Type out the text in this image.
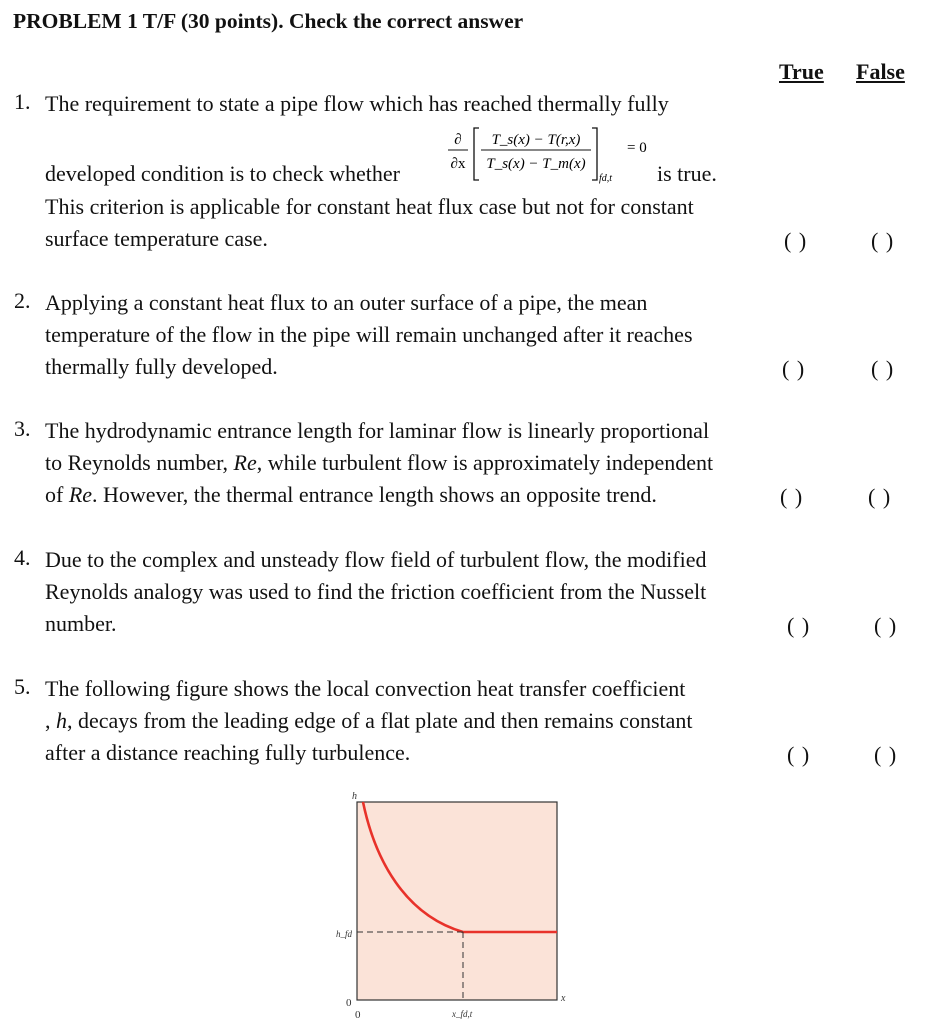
PROBLEM 1 T/F (30 points). Check the correct answer
True False
1. The requirement to state a pipe flow which has reached thermally fully
developed condition is to check whether
∂
∂x
T_s(x) − T(r,x)
T_s(x) − T_m(x)
fd,t
= 0
is true.
This criterion is applicable for constant heat flux case but not for constant
surface temperature case.	( )	( )
2. Applying a constant heat flux to an outer surface of a pipe, the mean
temperature of the flow in the pipe will remain unchanged after it reaches
thermally fully developed.	( )	( )
3. The hydrodynamic entrance length for laminar flow is linearly proportional
to Reynolds number, Re, while turbulent flow is approximately independent
of Re. However, the thermal entrance length shows an opposite trend.	( )	( )
4. Due to the complex and unsteady flow field of turbulent flow, the modified
Reynolds analogy was used to find the friction coefficient from the Nusselt
number.	( )	( )
5. The following figure shows the local convection heat transfer coefficient
, h, decays from the leading edge of a flat plate and then remains constant
after a distance reaching fully turbulence.	( )	( )
h
h_fd
0
0
x
x_fd,t
